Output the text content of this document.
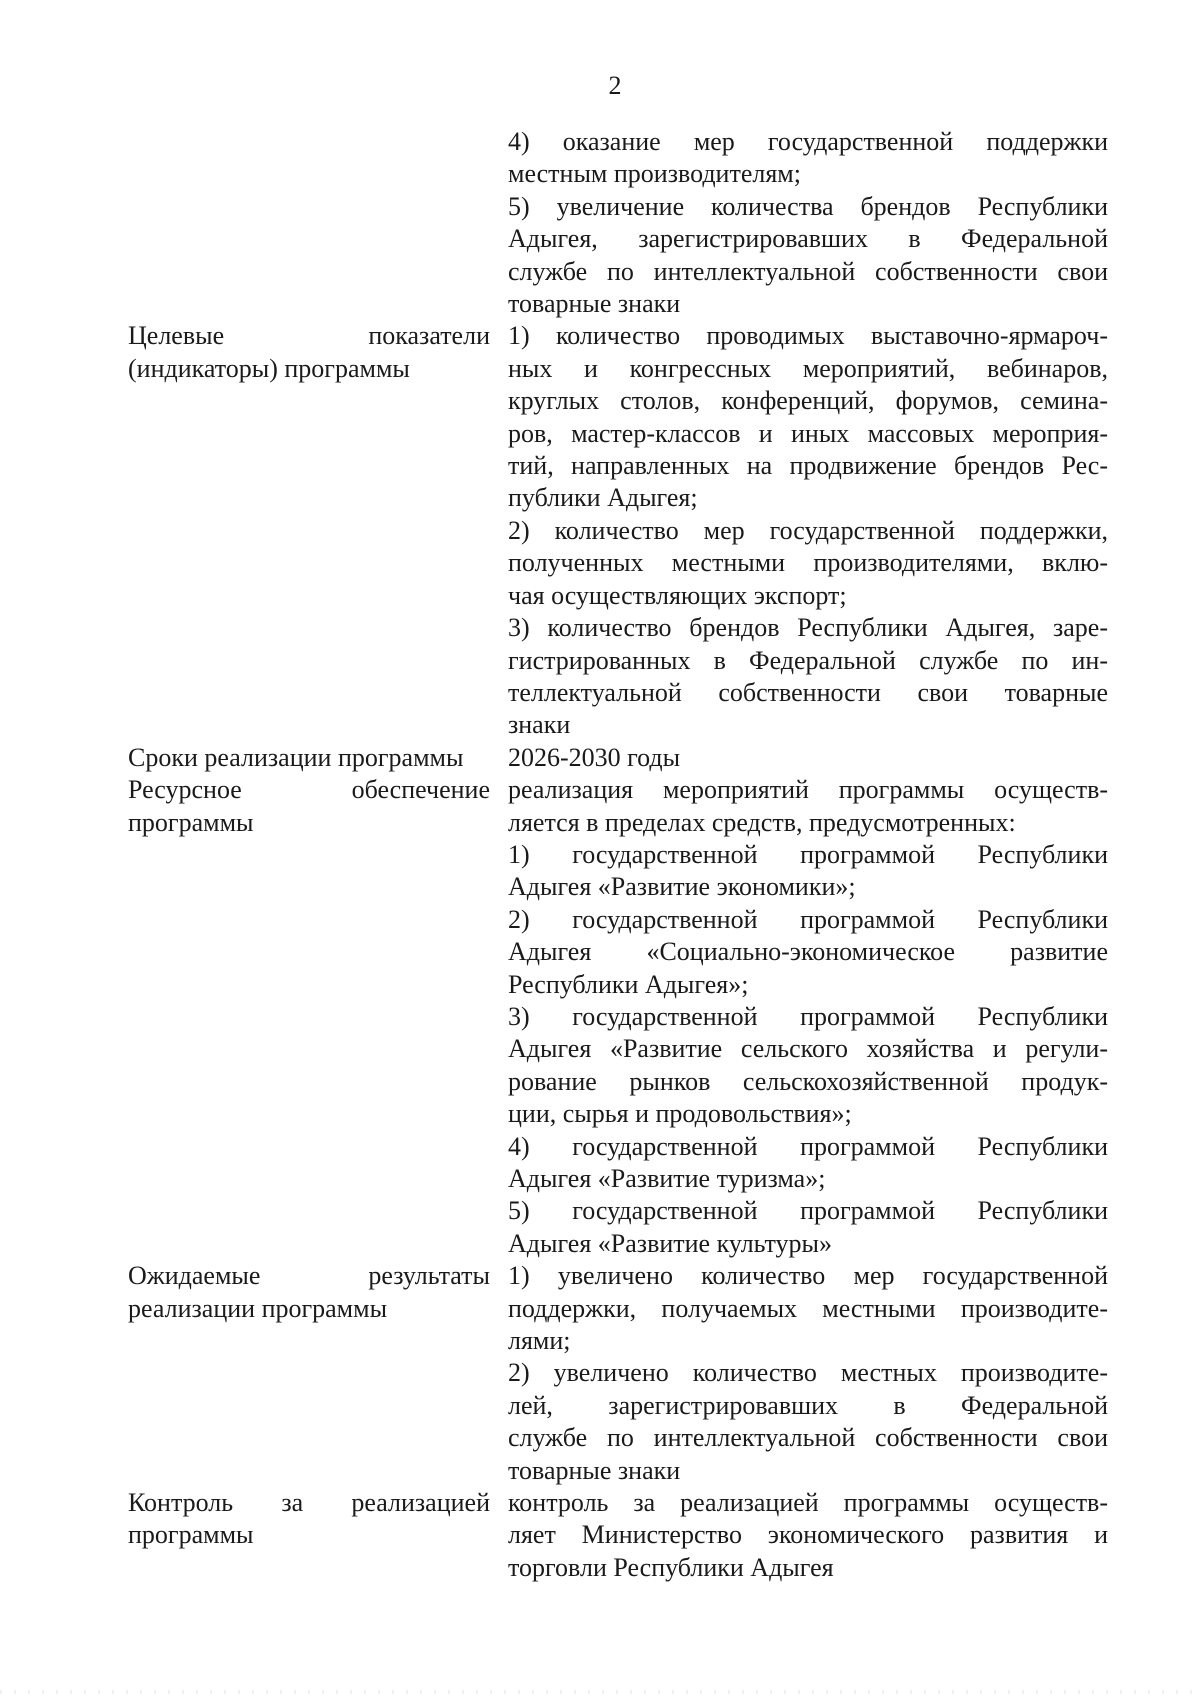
2
4) оказание мер государственной поддержки
местным производителям;
5) увеличение количества брендов Республики
Адыгея, зарегистрировавших в Федеральной
службе по интеллектуальной собственности свои
товарные знаки
Целевые показатели
(индикаторы) программы
1) количество проводимых выставочно-ярмароч-
ных и конгрессных мероприятий, вебинаров,
круглых столов, конференций, форумов, семина-
ров, мастер-классов и иных массовых мероприя-
тий, направленных на продвижение брендов Рес-
публики Адыгея;
2) количество мер государственной поддержки,
полученных местными производителями, вклю-
чая осуществляющих экспорт;
3) количество брендов Республики Адыгея, заре-
гистрированных в Федеральной службе по ин-
теллектуальной собственности свои товарные
знаки
Сроки реализации программы	2026-2030 годы
Ресурсное обеспечение
программы
реализация мероприятий программы осуществ-
ляется в пределах средств, предусмотренных:
1) государственной программой Республики
Адыгея «Развитие экономики»;
2) государственной программой Республики
Адыгея «Социально-экономическое развитие
Республики Адыгея»;
3) государственной программой Республики
Адыгея «Развитие сельского хозяйства и регули-
рование рынков сельскохозяйственной продук-
ции, сырья и продовольствия»;
4) государственной программой Республики
Адыгея «Развитие туризма»;
5) государственной программой Республики
Адыгея «Развитие культуры»
Ожидаемые результаты
реализации программы
1) увеличено количество мер государственной
поддержки, получаемых местными производите-
лями;
2) увеличено количество местных производите-
лей, зарегистрировавших в Федеральной
службе по интеллектуальной собственности свои
товарные знаки
Контроль за реализацией
программы
контроль за реализацией программы осуществ-
ляет Министерство экономического развития и
торговли Республики Адыгея
